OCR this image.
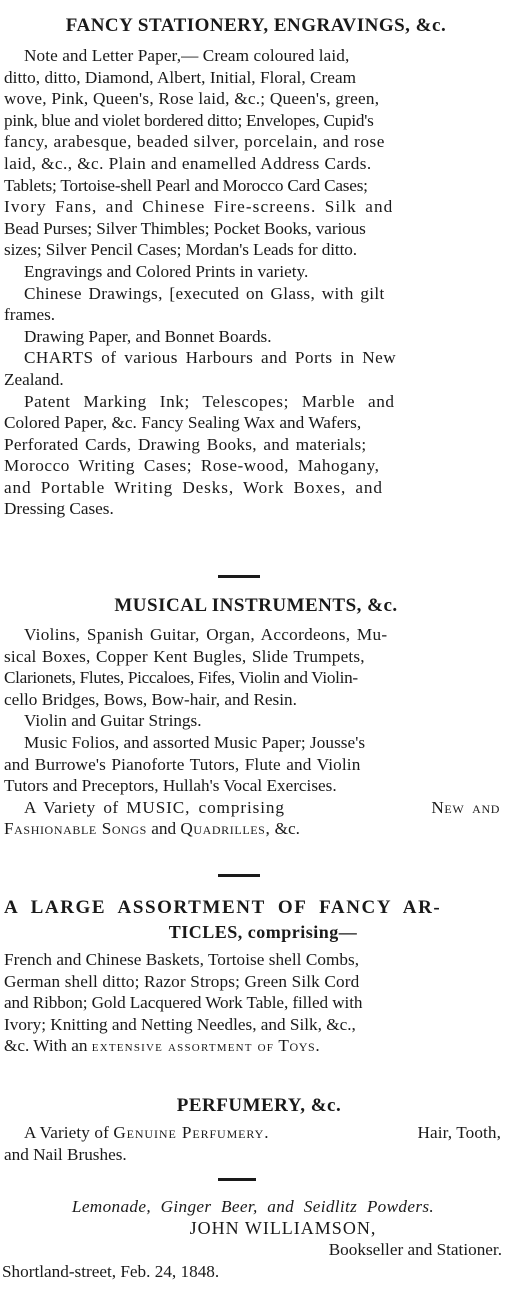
FANCY STATIONERY, ENGRAVINGS, &c.

Note and Letter Paper,— Cream coloured laid,

ditto, ditto, Diamond, Albert, Initial, Floral, Cream

wove, Pink, Queen's, Rose laid, &c.; Queen's, green,

pink, blue and violet bordered ditto; Envelopes, Cupid's

fancy, arabesque, beaded silver, porcelain, and rose

laid, &c., &c. Plain and enamelled Address Cards.

Tablets; Tortoise-shell Pearl and Morocco Card Cases;

Ivory Fans, and Chinese Fire-screens. Silk and

Bead Purses; Silver Thimbles; Pocket Books, various

sizes; Silver Pencil Cases; Mordan's Leads for ditto.

Engravings and Colored Prints in variety.

Chinese Drawings, [executed on Glass, with gilt

frames.

Drawing Paper, and Bonnet Boards.

CHARTS of various Harbours and Ports in New

Zealand.

Patent Marking Ink; Telescopes; Marble and

Colored Paper, &c. Fancy Sealing Wax and Wafers,

Perforated Cards, Drawing Books, and materials;

Morocco Writing Cases; Rose-wood, Mahogany,

and Portable Writing Desks, Work Boxes, and

Dressing Cases.

MUSICAL INSTRUMENTS, &c.

Violins, Spanish Guitar, Organ, Accordeons, Mu-

sical Boxes, Copper Kent Bugles, Slide Trumpets,

Clarionets, Flutes, Piccaloes, Fifes, Violin and Violin-

cello Bridges, Bows, Bow-hair, and Resin.

Violin and Guitar Strings.

Music Folios, and assorted Music Paper; Jousse's

and Burrowe's Pianoforte Tutors, Flute and Violin

Tutors and Preceptors, Hullah's Vocal Exercises.

A Variety of MUSIC, comprising	New and

Fashionable Songs and Quadrilles, &c.

A LARGE ASSORTMENT OF FANCY AR-
TICLES, comprising—

French and Chinese Baskets, Tortoise shell Combs,

German shell ditto; Razor Strops; Green Silk Cord

and Ribbon; Gold Lacquered Work Table, filled with

Ivory; Knitting and Netting Needles, and Silk, &c.,

&c. With an extensive assortment of Toys.

PERFUMERY, &c.

A Variety of Genuine Perfumery.	Hair, Tooth,

and Nail Brushes.

Lemonade, Ginger Beer, and Seidlitz Powders.

JOHN WILLIAMSON,

Bookseller and Stationer.

Shortland-street, Feb. 24, 1848.
